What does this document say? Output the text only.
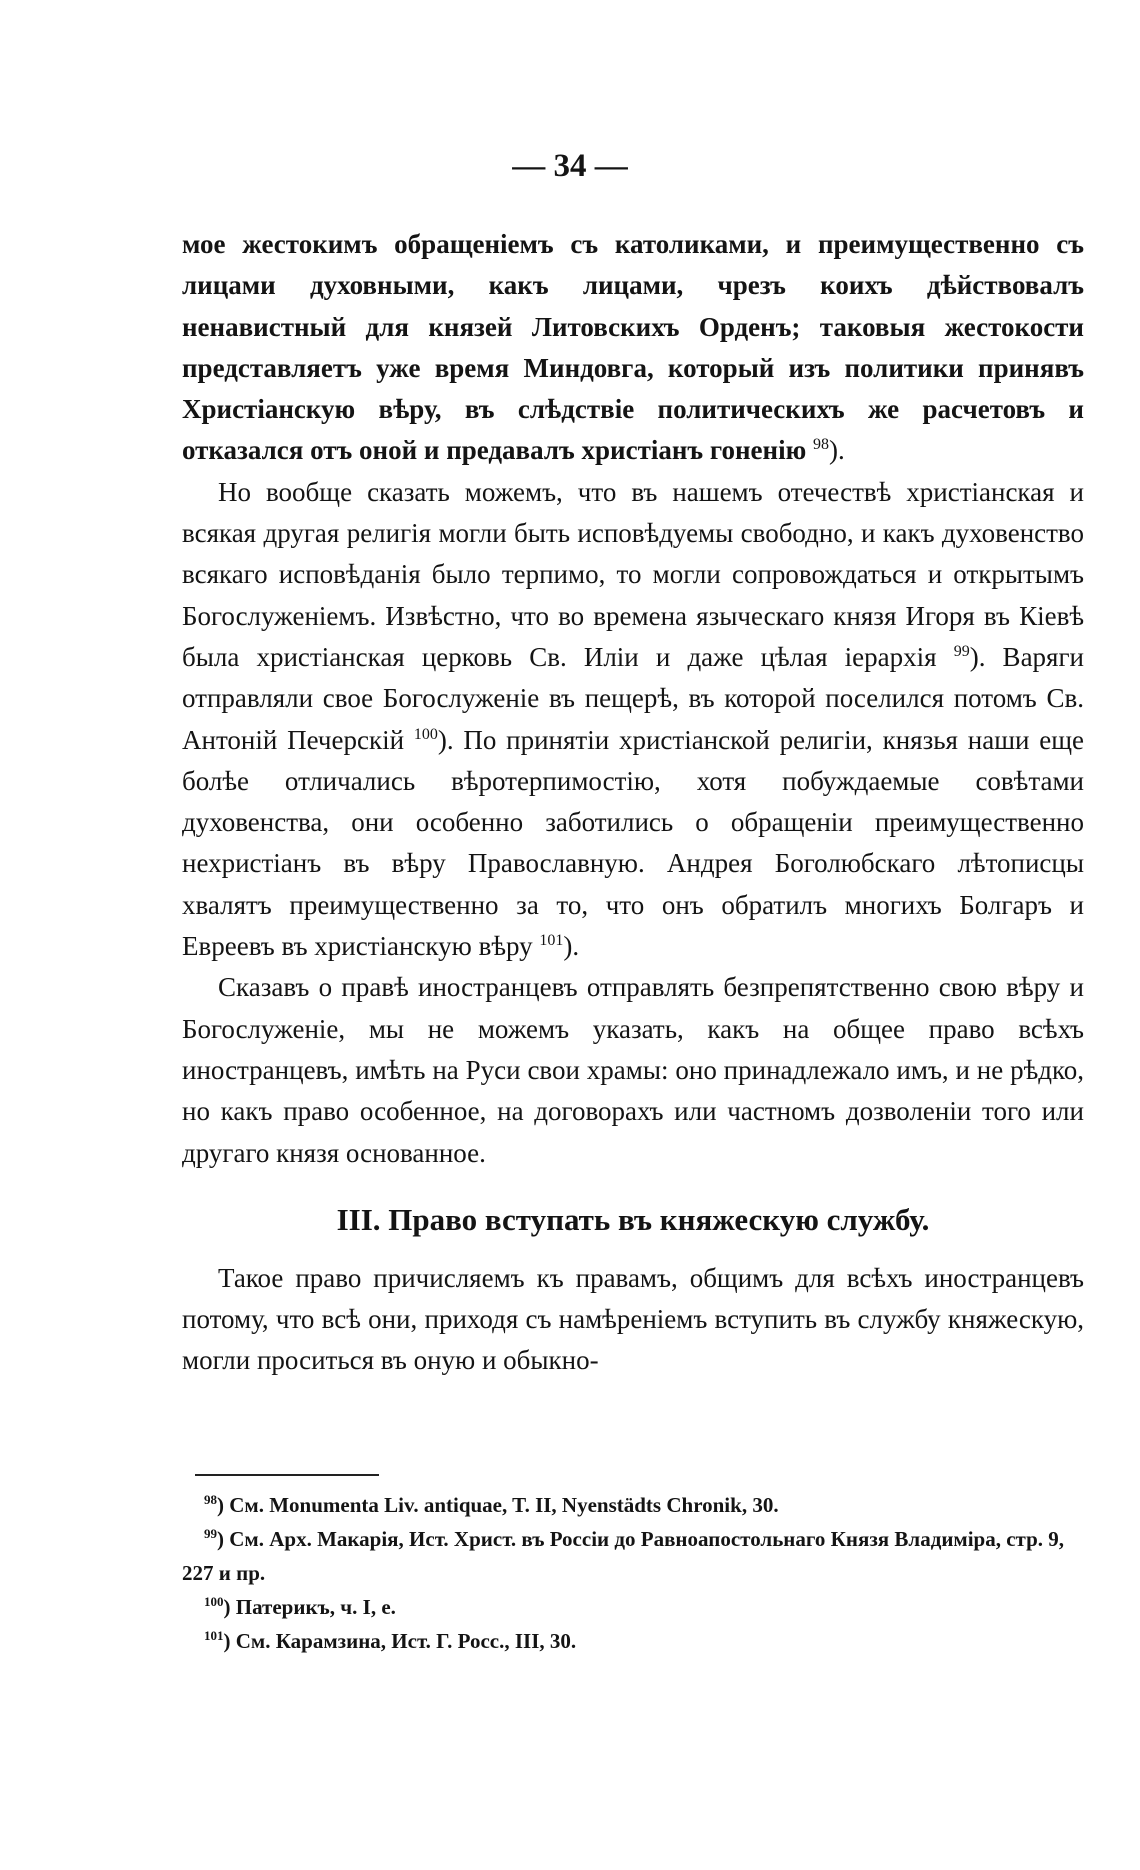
— 34 —

мое жестокимъ обращеніемъ съ католиками, и преимущественно съ лицами духовными, какъ лицами, чрезъ коихъ дѣйствовалъ ненавистный для князей Литовскихъ Орденъ; таковыя жестокости представляетъ уже время Миндовга, который изъ политики принявъ Христіанскую вѣру, въ слѣдствіе политическихъ же расчетовъ и отказался отъ оной и предавалъ христіанъ гоненію $^{98}$).

Но вообще сказать можемъ, что въ нашемъ отечествѣ христіанская и всякая другая религія могли быть исповѣдуемы свободно, и какъ духовенство всякаго исповѣданія было терпимо, то могли сопровождаться и открытымъ Богослуженіемъ. Извѣстно, что во времена языческаго князя Игоря въ Кіевѣ была христіанская церковь Св. Иліи и даже цѣлая іерархія $^{99}$). Варяги отправляли свое Богослуженіе въ пещерѣ, въ которой поселился потомъ Св. Антоній Печерскій $^{100}$). По принятіи христіанской религіи, князья наши еще болѣе отличались вѣротерпимостію, хотя побуждаемые совѣтами духовенства, они особенно заботились о обращеніи преимущественно нехристіанъ въ вѣру Православную. Андрея Боголюбскаго лѣтописцы хвалятъ преимущественно за то, что онъ обратилъ многихъ Болгаръ и Евреевъ въ христіанскую вѣру $^{101}$).

Сказавъ о правѣ иностранцевъ отправлять безпрепятственно свою вѣру и Богослуженіе, мы не можемъ указать, какъ на общее право всѣхъ иностранцевъ, имѣть на Руси свои храмы: оно принадлежало имъ, и не рѣдко, но какъ право особенное, на договорахъ или частномъ дозволеніи того или другаго князя основанное.

III. Право вступать въ княжескую службу.

Такое право причисляемъ къ правамъ, общимъ для всѣхъ иностранцевъ потому, что всѣ они, приходя съ намѣреніемъ вступить въ службу княжескую, могли проситься въ оную и обыкно-

$^{98}$) См. Monumenta Liv. antiquae, T. II, Nyenstädts Chronik, 30.

$^{99}$) См. Арх. Макарія, Ист. Христ. въ Россіи до Равноапостольнаго Князя Владиміра, стр. 9, 227 и пр.

$^{100}$) Патерикъ, ч. I, е.

$^{101}$) См. Карамзина, Ист. Г. Росс., III, 30.
